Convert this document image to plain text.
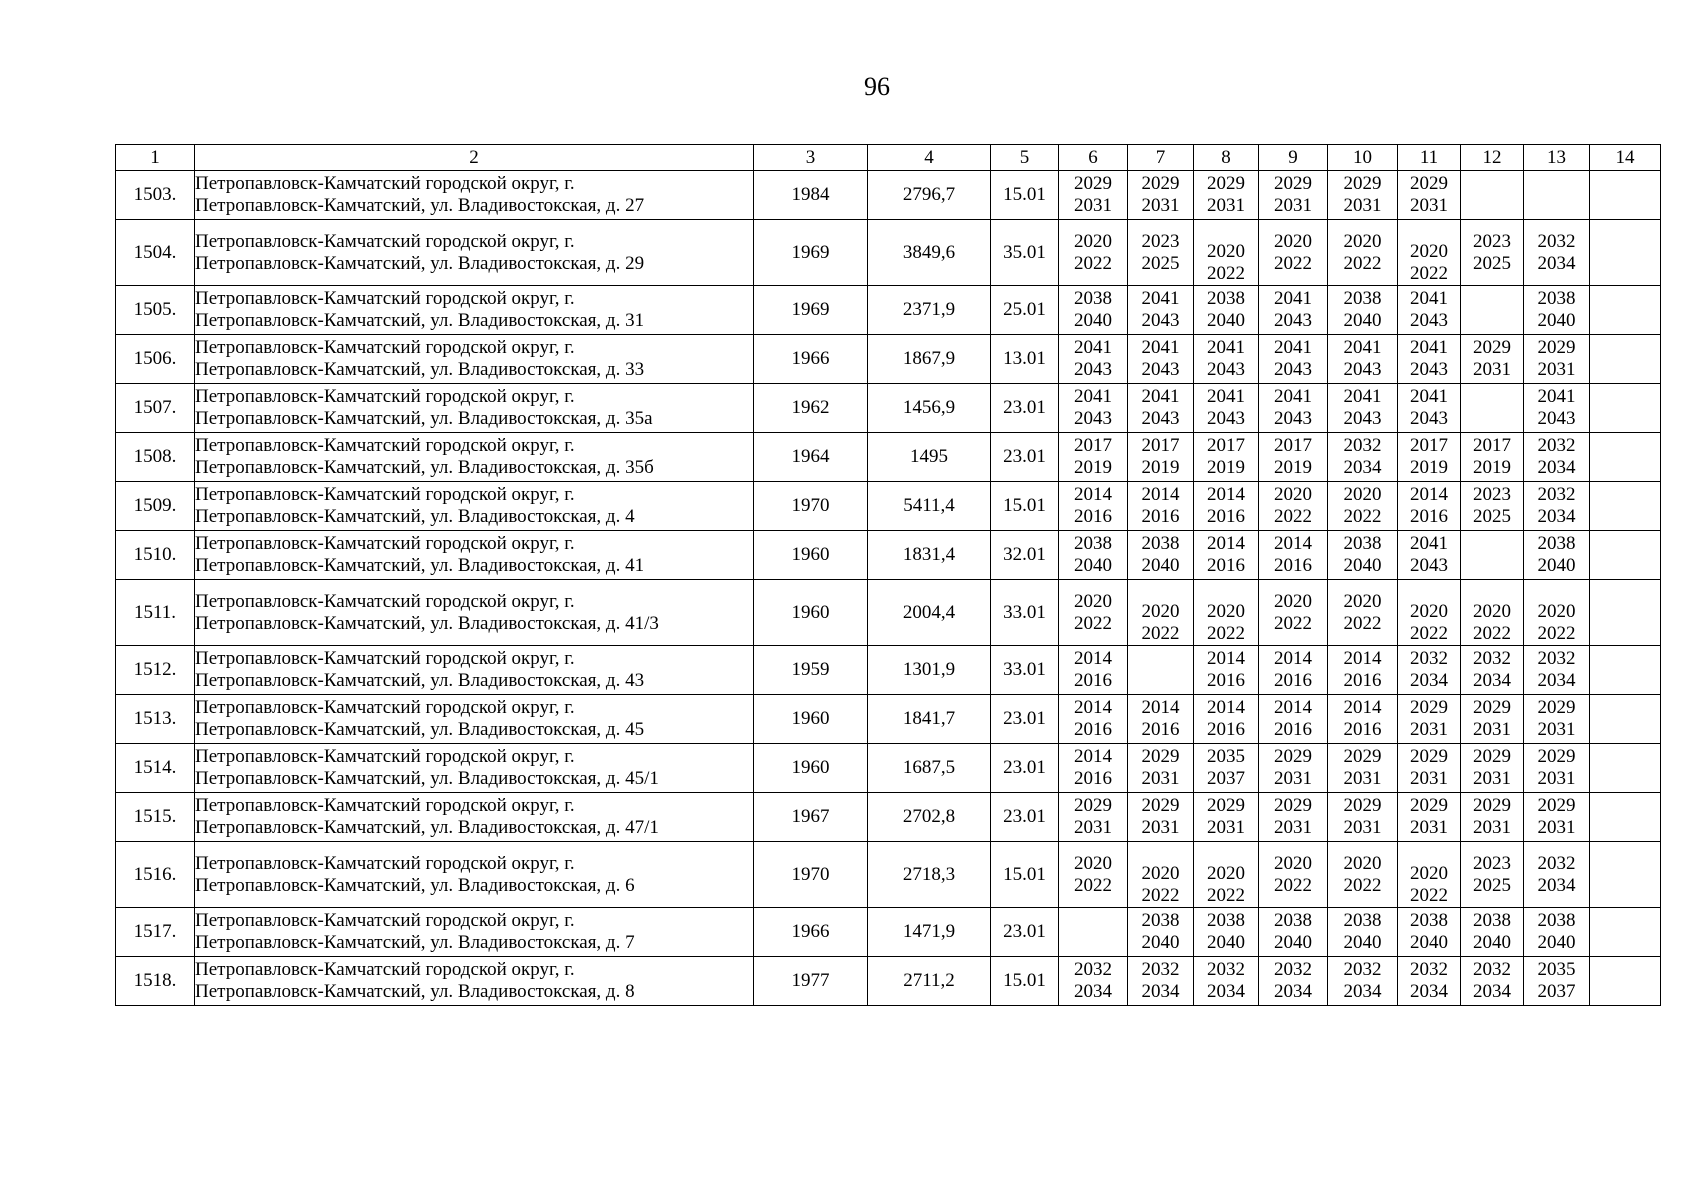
96
1	2	3	4	5	6	7	8	9	10	11	12	13	14
1503.	Петропавловск-Камчатский городской округ, г.
Петропавловск-Камчатский, ул. Владивостокская, д. 27	1984	2796,7	15.01	2029 2031	2029 2031	2029 2031	2029 2031	2029 2031	2029 2031			

1504.	Петропавловск-Камчатский городской округ, г.
Петропавловск-Камчатский, ул. Владивостокская, д. 29	1969	3849,6	35.01	2020 2022	2023 2025	2020 2022	2020 2022	2020 2022	2020 2022	2023 2025	2032 2034	

1505.	Петропавловск-Камчатский городской округ, г.
Петропавловск-Камчатский, ул. Владивостокская, д. 31	1969	2371,9	25.01	2038 2040	2041 2043	2038 2040	2041 2043	2038 2040	2041 2043		2038 2040	

1506.	Петропавловск-Камчатский городской округ, г.
Петропавловск-Камчатский, ул. Владивостокская, д. 33	1966	1867,9	13.01	2041 2043	2041 2043	2041 2043	2041 2043	2041 2043	2041 2043	2029 2031	2029 2031	

1507.	Петропавловск-Камчатский городской округ, г.
Петропавловск-Камчатский, ул. Владивостокская, д. 35а	1962	1456,9	23.01	2041 2043	2041 2043	2041 2043	2041 2043	2041 2043	2041 2043		2041 2043	

1508.	Петропавловск-Камчатский городской округ, г.
Петропавловск-Камчатский, ул. Владивостокская, д. 35б	1964	1495	23.01	2017 2019	2017 2019	2017 2019	2017 2019	2032 2034	2017 2019	2017 2019	2032 2034	

1509.	Петропавловск-Камчатский городской округ, г.
Петропавловск-Камчатский, ул. Владивостокская, д. 4	1970	5411,4	15.01	2014 2016	2014 2016	2014 2016	2020 2022	2020 2022	2014 2016	2023 2025	2032 2034	

1510.	Петропавловск-Камчатский городской округ, г.
Петропавловск-Камчатский, ул. Владивостокская, д. 41	1960	1831,4	32.01	2038 2040	2038 2040	2014 2016	2014 2016	2038 2040	2041 2043		2038 2040	

1511.	Петропавловск-Камчатский городской округ, г.
Петропавловск-Камчатский, ул. Владивостокская, д. 41/3	1960	2004,4	33.01	2020 2022	2020 2022	2020 2022	2020 2022	2020 2022	2020 2022	2020 2022	2020 2022	

1512.	Петропавловск-Камчатский городской округ, г.
Петропавловск-Камчатский, ул. Владивостокская, д. 43	1959	1301,9	33.01	2014 2016		2014 2016	2014 2016	2014 2016	2032 2034	2032 2034	2032 2034	

1513.	Петропавловск-Камчатский городской округ, г.
Петропавловск-Камчатский, ул. Владивостокская, д. 45	1960	1841,7	23.01	2014 2016	2014 2016	2014 2016	2014 2016	2014 2016	2029 2031	2029 2031	2029 2031	

1514.	Петропавловск-Камчатский городской округ, г.
Петропавловск-Камчатский, ул. Владивостокская, д. 45/1	1960	1687,5	23.01	2014 2016	2029 2031	2035 2037	2029 2031	2029 2031	2029 2031	2029 2031	2029 2031	

1515.	Петропавловск-Камчатский городской округ, г.
Петропавловск-Камчатский, ул. Владивостокская, д. 47/1	1967	2702,8	23.01	2029 2031	2029 2031	2029 2031	2029 2031	2029 2031	2029 2031	2029 2031	2029 2031	

1516.	Петропавловск-Камчатский городской округ, г.
Петропавловск-Камчатский, ул. Владивостокская, д. 6	1970	2718,3	15.01	2020 2022	2020 2022	2020 2022	2020 2022	2020 2022	2020 2022	2023 2025	2032 2034	

1517.	Петропавловск-Камчатский городской округ, г.
Петропавловск-Камчатский, ул. Владивостокская, д. 7	1966	1471,9	23.01		2038 2040	2038 2040	2038 2040	2038 2040	2038 2040	2038 2040	2038 2040	

1518.	Петропавловск-Камчатский городской округ, г.
Петропавловск-Камчатский, ул. Владивостокская, д. 8	1977	2711,2	15.01	2032 2034	2032 2034	2032 2034	2032 2034	2032 2034	2032 2034	2032 2034	2035 2037	
